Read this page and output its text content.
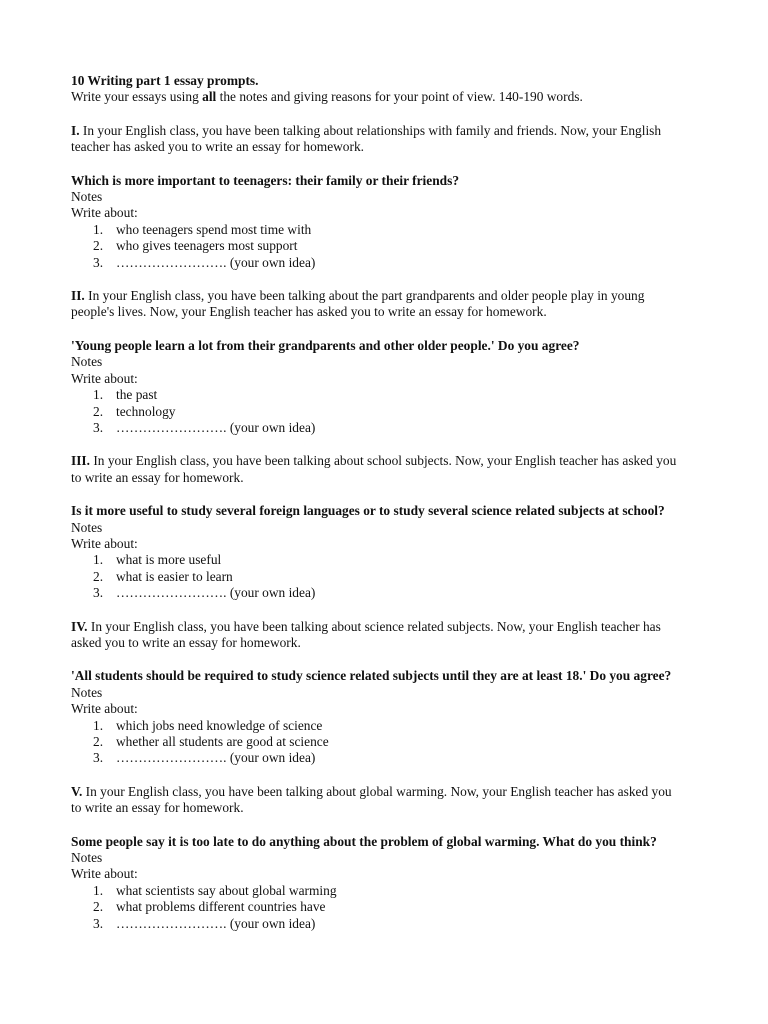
10 Writing part 1 essay prompts.

Write your essays using all the notes and giving reasons for your point of view. 140-190 words.

I. In your English class, you have been talking about relationships with family and friends. Now, your English
teacher has asked you to write an essay for homework.

Which is more important to teenagers: their family or their friends?

Notes

Write about:

1. who teenagers spend most time with
2. who gives teenagers most support
3. ……………………. (your own idea)

II. In your English class, you have been talking about the part grandparents and older people play in young
people's lives. Now, your English teacher has asked you to write an essay for homework.

'Young people learn a lot from their grandparents and other older people.' Do you agree?

Notes

Write about:

1. the past
2. technology
3. ……………………. (your own idea)

III. In your English class, you have been talking about school subjects. Now, your English teacher has asked you
to write an essay for homework.

Is it more useful to study several foreign languages or to study several science related subjects at school?

Notes

Write about:

1. what is more useful
2. what is easier to learn
3. ……………………. (your own idea)

IV. In your English class, you have been talking about science related subjects. Now, your English teacher has
asked you to write an essay for homework.

'All students should be required to study science related subjects until they are at least 18.' Do you agree?

Notes

Write about:

1. which jobs need knowledge of science
2. whether all students are good at science
3. ……………………. (your own idea)

V. In your English class, you have been talking about global warming. Now, your English teacher has asked you
to write an essay for homework.

Some people say it is too late to do anything about the problem of global warming. What do you think?

Notes

Write about:

1. what scientists say about global warming
2. what problems different countries have
3. ……………………. (your own idea)
